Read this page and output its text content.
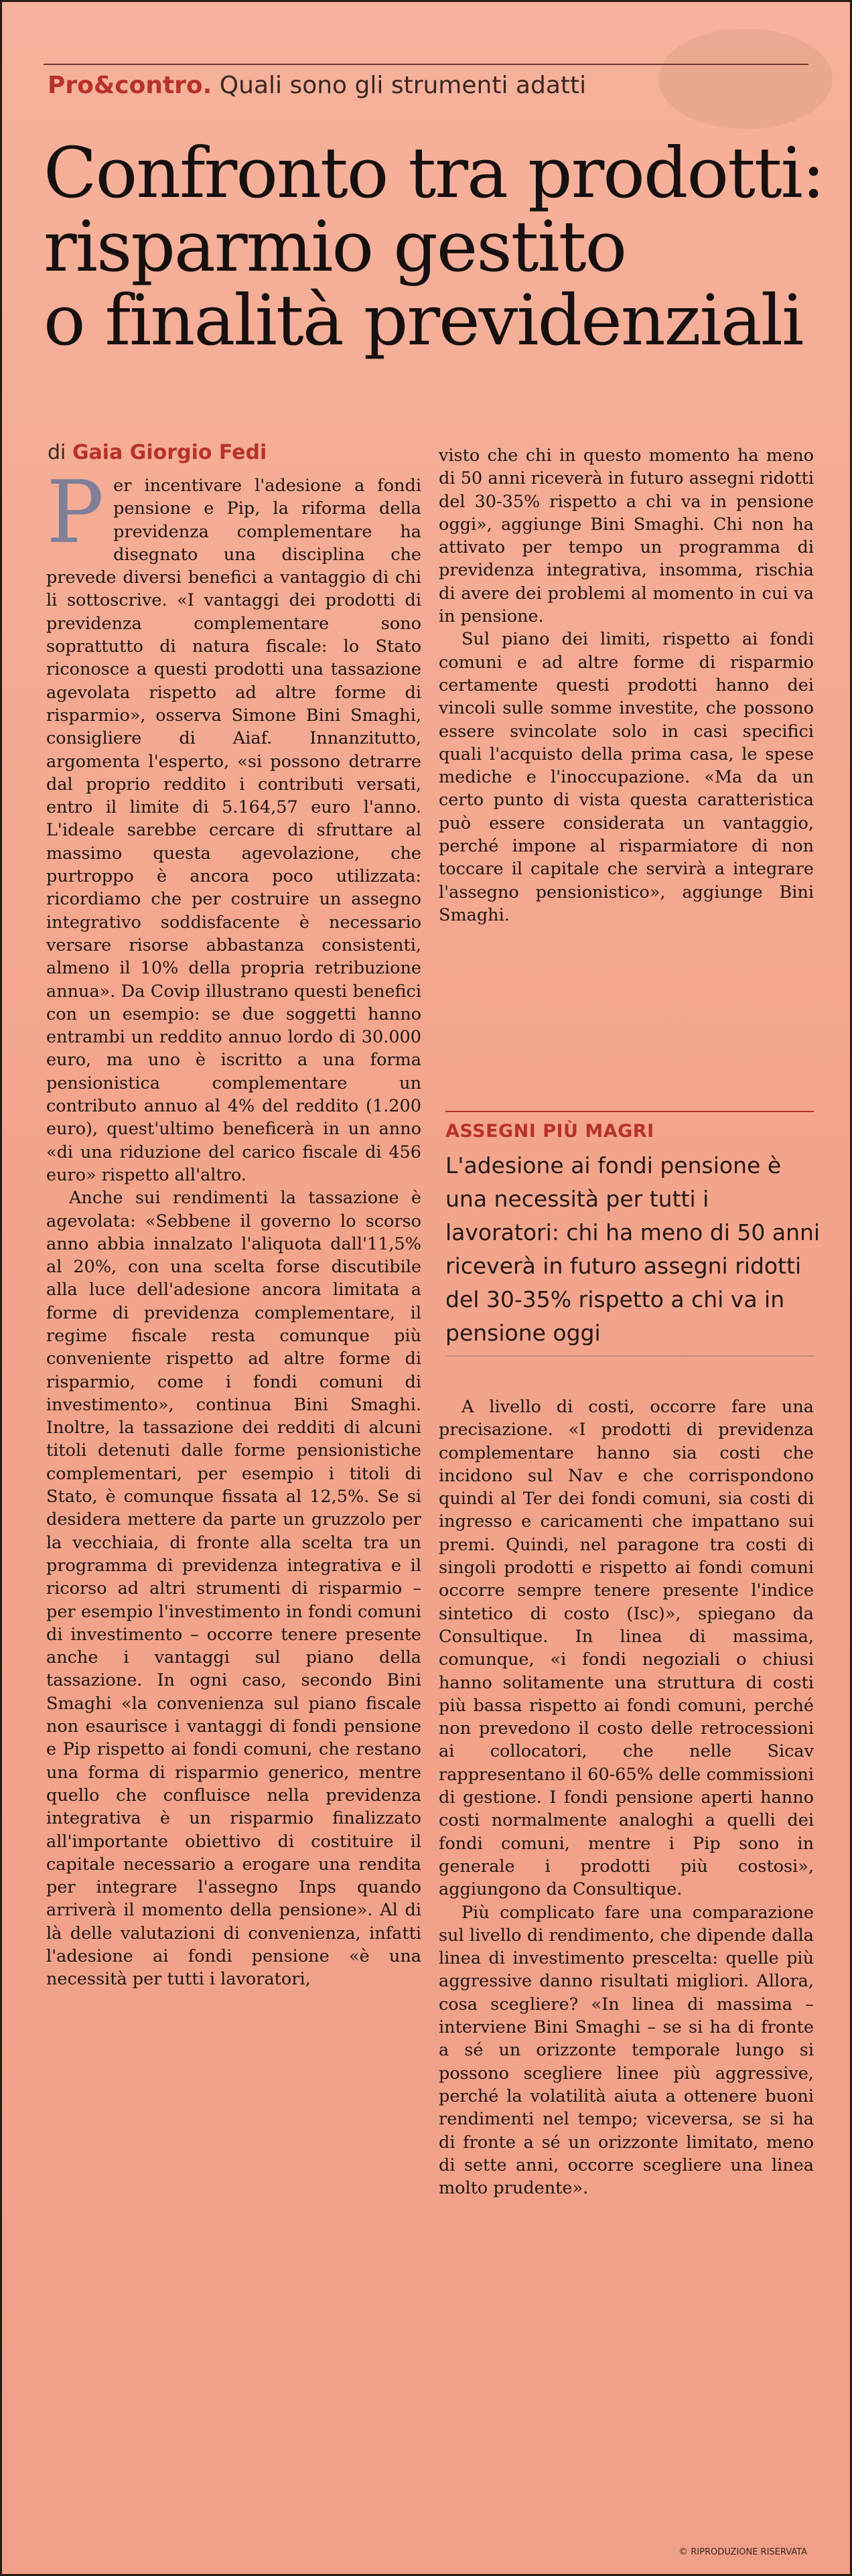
Pro&contro. Quali sono gli strumenti adatti
Confronto tra prodotti:
risparmio gestito
o finalità previdenziali
di Gaia Giorgio Fedi

Per incentivare l'adesione a fondi pensione e Pip, la riforma della previdenza complementare ha disegnato una disciplina che prevede diversi benefici a vantaggio di chi li sottoscrive. «I vantaggi dei prodotti di previdenza complementare sono soprattutto di natura fiscale: lo Stato riconosce a questi prodotti una tassazione agevolata rispetto ad altre forme di risparmio», osserva Simone Bini Smaghi, consigliere di Aiaf. Innanzitutto, argomenta l'esperto, «si possono detrarre dal proprio reddito i contributi versati, entro il limite di 5.164,57 euro l'anno. L'ideale sarebbe cercare di sfruttare al massimo questa agevolazione, che purtroppo è ancora poco utilizzata: ricordiamo che per costruire un assegno integrativo soddisfacente è necessario versare risorse abbastanza consistenti, almeno il 10% della propria retribuzione annua». Da Covip illustrano questi benefici con un esempio: se due soggetti hanno entrambi un reddito annuo lordo di 30.000 euro, ma uno è iscritto a una forma pensionistica complementare un contributo annuo al 4% del reddito (1.200 euro), quest'ultimo beneficerà in un anno «di una riduzione del carico fiscale di 456 euro» rispetto all'altro.

Anche sui rendimenti la tassazione è agevolata: «Sebbene il governo lo scorso anno abbia innalzato l'aliquota dall'11,5% al 20%, con una scelta forse discutibile alla luce dell'adesione ancora limitata a forme di previdenza complementare, il regime fiscale resta comunque più conveniente rispetto ad altre forme di risparmio, come i fondi comuni di investimento», continua Bini Smaghi. Inoltre, la tassazione dei redditi di alcuni titoli detenuti dalle forme pensionistiche complementari, per esempio i titoli di Stato, è comunque fissata al 12,5%. Se si desidera mettere da parte un gruzzolo per la vecchiaia, di fronte alla scelta tra un programma di previdenza integrativa e il ricorso ad altri strumenti di risparmio – per esempio l'investimento in fondi comuni di investimento – occorre tenere presente anche i vantaggi sul piano della tassazione. In ogni caso, secondo Bini Smaghi «la convenienza sul piano fiscale non esaurisce i vantaggi di fondi pensione e Pip rispetto ai fondi comuni, che restano una forma di risparmio generico, mentre quello che confluisce nella previdenza integrativa è un risparmio finalizzato all'importante obiettivo di costituire il capitale necessario a erogare una rendita per integrare l'assegno Inps quando arriverà il momento della pensione». Al di là delle valutazioni di convenienza, infatti l'adesione ai fondi pensione «è una necessità per tutti i lavoratori,

visto che chi in questo momento ha meno di 50 anni riceverà in futuro assegni ridotti del 30-35% rispetto a chi va in pensione oggi», aggiunge Bini Smaghi. Chi non ha attivato per tempo un programma di previdenza integrativa, insomma, rischia di avere dei problemi al momento in cui va in pensione.

Sul piano dei limiti, rispetto ai fondi comuni e ad altre forme di risparmio certamente questi prodotti hanno dei vincoli sulle somme investite, che possono essere svincolate solo in casi specifici quali l'acquisto della prima casa, le spese mediche e l'inoccupazione. «Ma da un certo punto di vista questa caratteristica può essere considerata un vantaggio, perché impone al risparmiatore di non toccare il capitale che servirà a integrare l'assegno pensionistico», aggiunge Bini Smaghi.

ASSEGNI PIÙ MAGRI
L'adesione ai fondi pensione è una necessità per tutti i lavoratori: chi ha meno di 50 anni riceverà in futuro assegni ridotti del 30-35% rispetto a chi va in pensione oggi

A livello di costi, occorre fare una precisazione. «I prodotti di previdenza complementare hanno sia costi che incidono sul Nav e che corrispondono quindi al Ter dei fondi comuni, sia costi di ingresso e caricamenti che impattano sui premi. Quindi, nel paragone tra costi di singoli prodotti e rispetto ai fondi comuni occorre sempre tenere presente l'indice sintetico di costo (Isc)», spiegano da Consultique. In linea di massima, comunque, «i fondi negoziali o chiusi hanno solitamente una struttura di costi più bassa rispetto ai fondi comuni, perché non prevedono il costo delle retrocessioni ai collocatori, che nelle Sicav rappresentano il 60-65% delle commissioni di gestione. I fondi pensione aperti hanno costi normalmente analoghi a quelli dei fondi comuni, mentre i Pip sono in generale i prodotti più costosi», aggiungono da Consultique.

Più complicato fare una comparazione sul livello di rendimento, che dipende dalla linea di investimento prescelta: quelle più aggressive danno risultati migliori. Allora, cosa scegliere? «In linea di massima – interviene Bini Smaghi – se si ha di fronte a sé un orizzonte temporale lungo si possono scegliere linee più aggressive, perché la volatilità aiuta a ottenere buoni rendimenti nel tempo; viceversa, se si ha di fronte a sé un orizzonte limitato, meno di sette anni, occorre scegliere una linea molto prudente».

© RIPRODUZIONE RISERVATA
